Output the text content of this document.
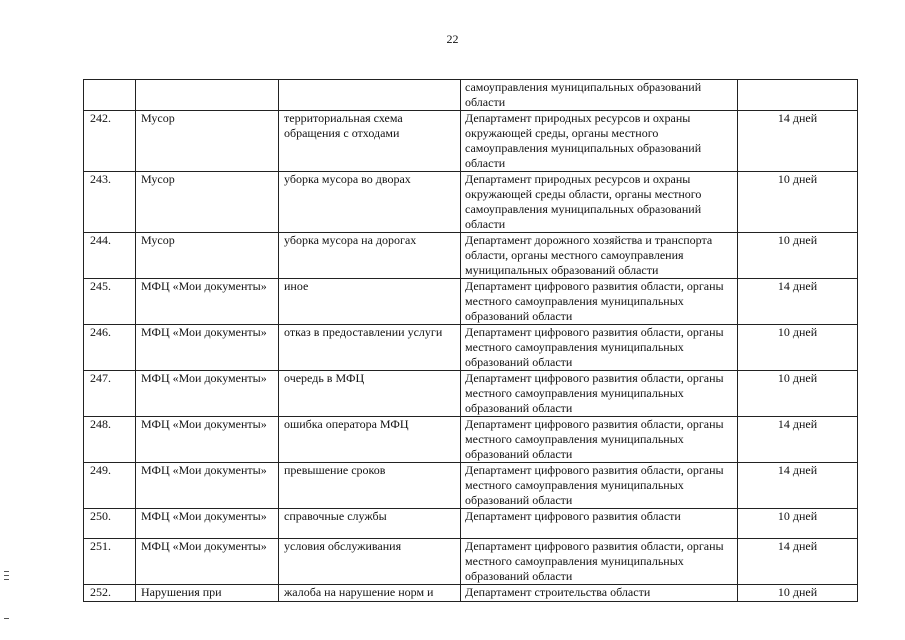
22
			самоуправления муниципальных образований области	
242.	Мусор	территориальная схема обращения с отходами	Департамент природных ресурсов и охраны окружающей среды, органы местного самоуправления муниципальных образований области	14 дней
243.	Мусор	уборка мусора во дворах	Департамент природных ресурсов и охраны окружающей среды области, органы местного самоуправления муниципальных образований области	10 дней
244.	Мусор	уборка мусора на дорогах	Департамент дорожного хозяйства и транспорта области, органы местного самоуправления муниципальных образований области	10 дней
245.	МФЦ «Мои документы»	иное	Департамент цифрового развития области, органы местного самоуправления муниципальных образований области	14 дней
246.	МФЦ «Мои документы»	отказ в предоставлении услуги	Департамент цифрового развития области, органы местного самоуправления муниципальных образований области	10 дней
247.	МФЦ «Мои документы»	очередь в МФЦ	Департамент цифрового развития области, органы местного самоуправления муниципальных образований области	10 дней
248.	МФЦ «Мои документы»	ошибка оператора МФЦ	Департамент цифрового развития области, органы местного самоуправления муниципальных образований области	14 дней
249.	МФЦ «Мои документы»	превышение сроков	Департамент цифрового развития области, органы местного самоуправления муниципальных образований области	14 дней
250.	МФЦ «Мои документы»	справочные службы	Департамент цифрового развития области	10 дней
251.	МФЦ «Мои документы»	условия обслуживания	Департамент цифрового развития области, органы местного самоуправления муниципальных образований области	14 дней
252.	Нарушения при	жалоба на нарушение норм и	Департамент строительства области	10 дней
